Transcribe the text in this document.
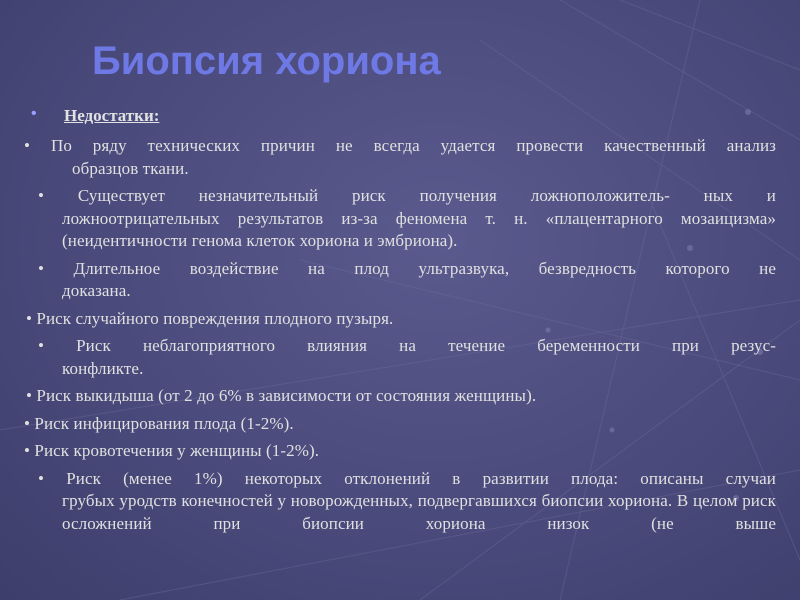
Биопсия хориона
• Недостатки:
• По ряду технических причин не всегда удается провести качественный анализ
образцов ткани.
• Существует незначительный риск получения ложноположитель- ных и
ложноотрицательных результатов из-за феномена т. н. «плацентарного мозаицизма» (неидентичности генома клеток хориона и эмбриона).
• Длительное воздействие на плод ультразвука, безвредность которого не
доказана.
• Риск случайного повреждения плодного пузыря.
• Риск неблагоприятного влияния на течение беременности при резус-
конфликте.
• Риск выкидыша (от 2 до 6% в зависимости от состояния женщины).
• Риск инфицирования плода (1-2%).
• Риск кровотечения у женщины (1-2%).
• Риск (менее 1%) некоторых отклонений в развитии плода: описаны случаи
грубых уродств конечностей у новорожденных, подвергавшихся биопсии хориона. В целом риск осложнений при биопсии хориона низок (не выше
